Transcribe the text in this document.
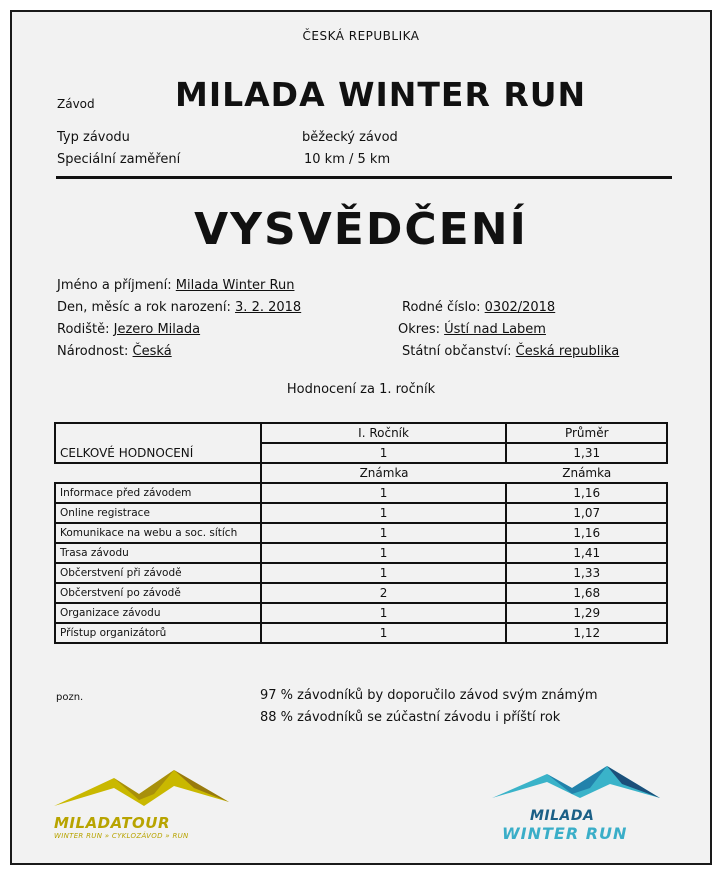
ČESKÁ REPUBLIKA
Závod MILADA WINTER RUN
Typ závodu	běžecký závod
Speciální zaměření	10 km / 5 km
VYSVĚDČENÍ
Jméno a příjmení: Milada Winter Run
Den, měsíc a rok narození: 3. 2. 2018	Rodné číslo: 0302/2018
Rodiště: Jezero Milada	Okres: Ústí nad Labem
Národnost: Česká	Státní občanství: Česká republika
Hodnocení za 1. ročník
	I. Ročník	Průměr
CELKOVÉ HODNOCENÍ	1	1,31
	Známka	Známka
Informace před závodem	1	1,16
Online registrace	1	1,07
Komunikace na webu a soc. sítích	1	1,16
Trasa závodu	1	1,41
Občerstvení při závodě	1	1,33
Občerstvení po závodě	2	1,68
Organizace závodu	1	1,29
Přístup organizátorů	1	1,12
pozn.	97 % závodníků by doporučilo závod svým známým
88 % závodníků se zúčastní závodu i příští rok
MILADATOUR
WINTER RUN » CYKLOZÁVOD » RUN
MILADA
WINTER RUN
